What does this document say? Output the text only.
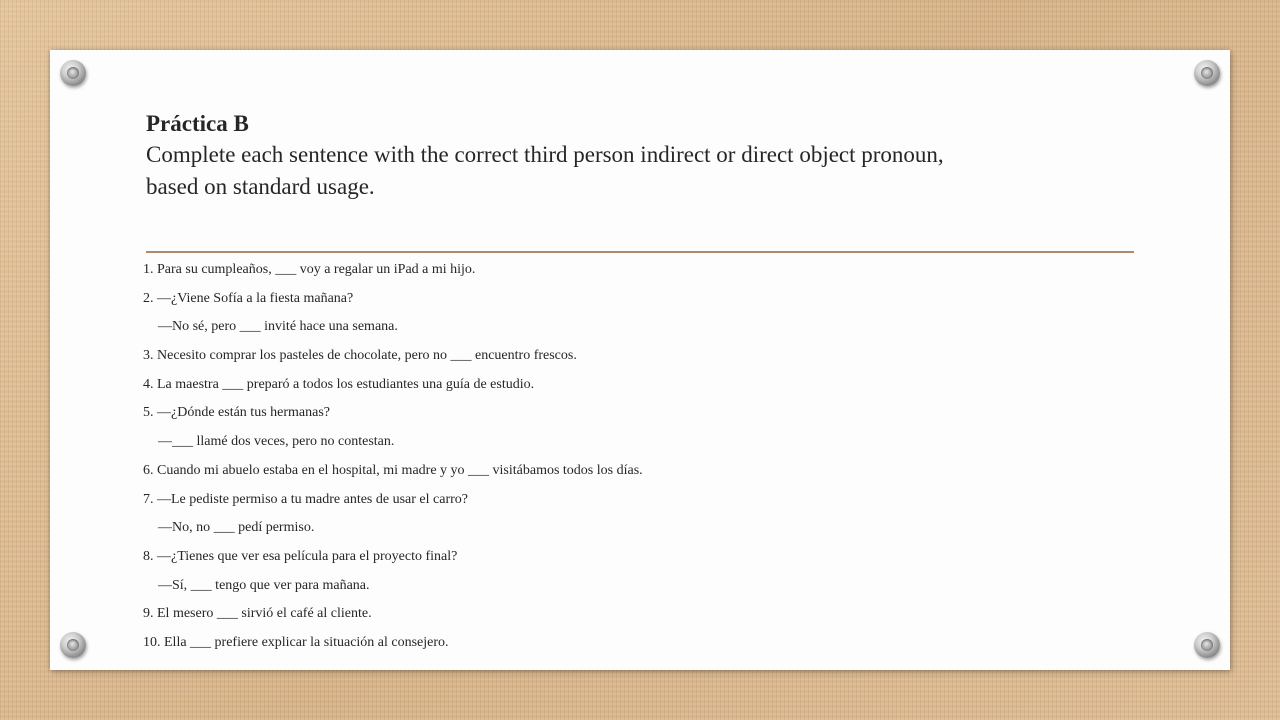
Práctica B
Complete each sentence with the correct third person indirect or direct object pronoun,
based on standard usage.
1. Para su cumpleaños, ___ voy a regalar un iPad a mi hijo.
2. ―¿Viene Sofía a la fiesta mañana?
―No sé, pero ___ invité hace una semana.
3. Necesito comprar los pasteles de chocolate, pero no ___ encuentro frescos.
4. La maestra ___ preparó a todos los estudiantes una guía de estudio.
5. ―¿Dónde están tus hermanas?
―___ llamé dos veces, pero no contestan.
6. Cuando mi abuelo estaba en el hospital, mi madre y yo ___ visitábamos todos los días.
7. ―Le pediste permiso a tu madre antes de usar el carro?
―No, no ___ pedí permiso.
8. ―¿Tienes que ver esa película para el proyecto final?
―Sí, ___ tengo que ver para mañana.
9. El mesero ___ sirvió el café al cliente.
10. Ella ___ prefiere explicar la situación al consejero.
